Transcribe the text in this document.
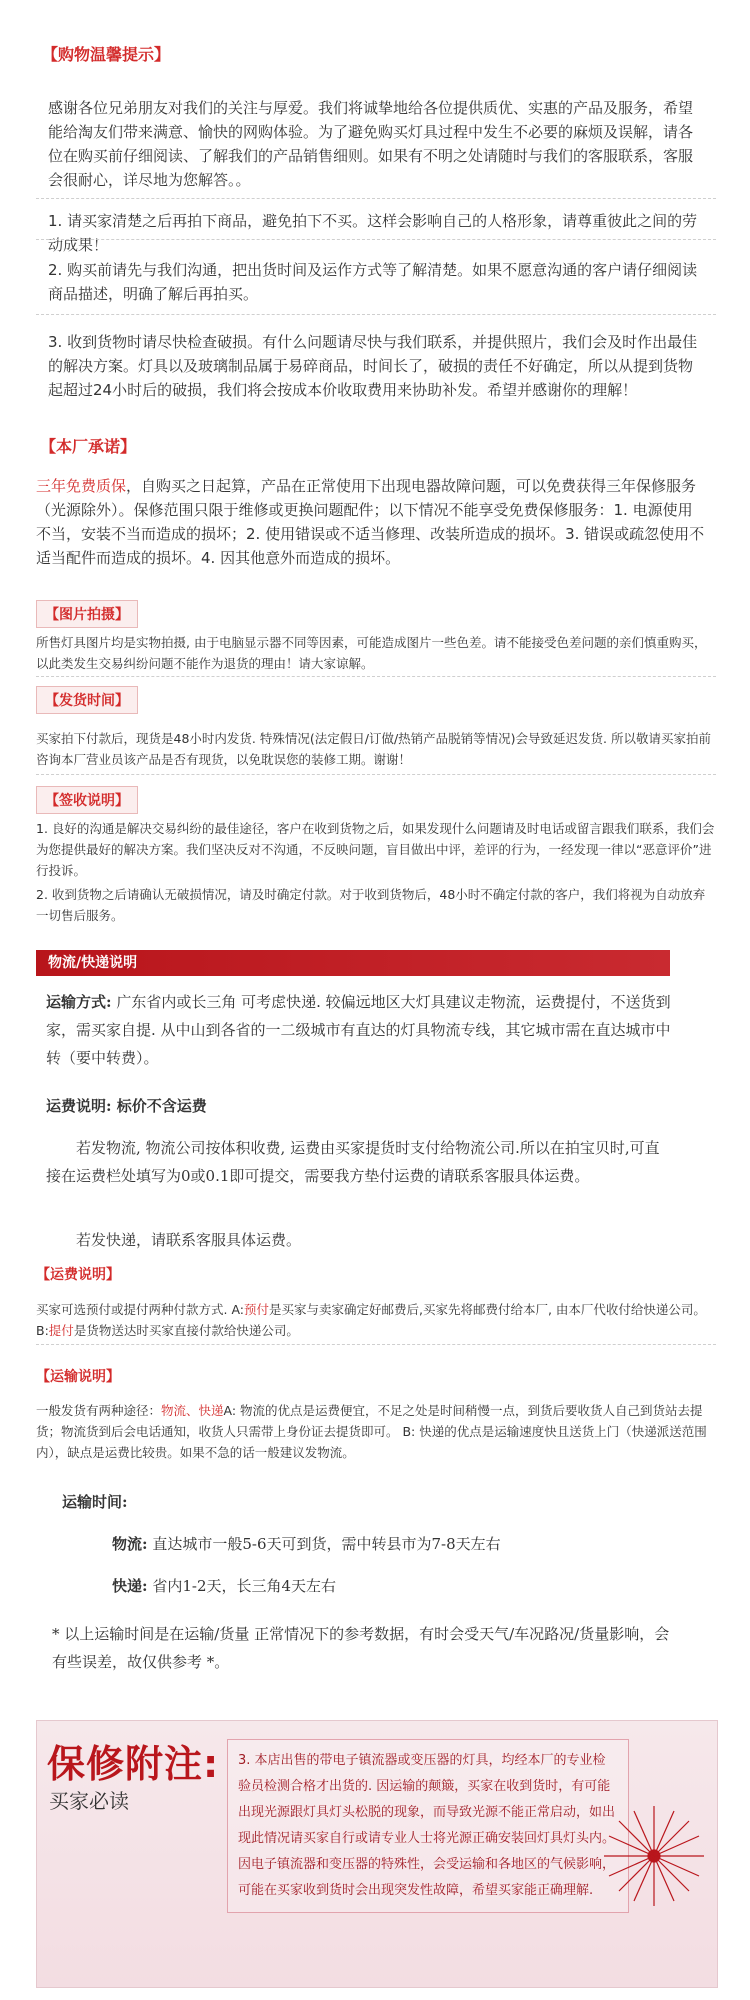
【购物温馨提示】
感谢各位兄弟朋友对我们的关注与厚爱。我们将诚挚地给各位提供质优、实惠的产品及服务，希望能给淘友们带来满意、愉快的网购体验。为了避免购买灯具过程中发生不必要的麻烦及误解，请各位在购买前仔细阅读、了解我们的产品销售细则。如果有不明之处请随时与我们的客服联系，客服会很耐心，详尽地为您解答。。
1. 请买家清楚之后再拍下商品，避免拍下不买。这样会影响自己的人格形象，请尊重彼此之间的劳动成果！
2. 购买前请先与我们沟通，把出货时间及运作方式等了解清楚。如果不愿意沟通的客户请仔细阅读商品描述，明确了解后再拍买。
3. 收到货物时请尽快检查破损。有什么问题请尽快与我们联系，并提供照片，我们会及时作出最佳的解决方案。灯具以及玻璃制品属于易碎商品，时间长了，破损的责任不好确定，所以从提到货物起超过24小时后的破损，我们将会按成本价收取费用来协助补发。希望并感谢你的理解！
【本厂承诺】
三年免费质保，自购买之日起算，产品在正常使用下出现电器故障问题，可以免费获得三年保修服务（光源除外）。保修范围只限于维修或更换问题配件；以下情况不能享受免费保修服务：1. 电源使用不当，安装不当而造成的损坏；2. 使用错误或不适当修理、改装所造成的损坏。3. 错误或疏忽使用不适当配件而造成的损坏。4. 因其他意外而造成的损坏。
【图片拍摄】
所售灯具图片均是实物拍摄, 由于电脑显示器不同等因素，可能造成图片一些色差。请不能接受色差问题的亲们慎重购买，以此类发生交易纠纷问题不能作为退货的理由！请大家谅解。
【发货时间】
买家拍下付款后，现货是48小时内发货. 特殊情况(法定假日/订做/热销产品脱销等情况)会导致延迟发货. 所以敬请买家拍前咨询本厂营业员该产品是否有现货，以免耽误您的装修工期。谢谢！
【签收说明】
1. 良好的沟通是解决交易纠纷的最佳途径，客户在收到货物之后，如果发现什么问题请及时电话或留言跟我们联系，我们会为您提供最好的解决方案。我们坚决反对不沟通，不反映问题，盲目做出中评，差评的行为，一经发现一律以“恶意评价”进行投诉。
2. 收到货物之后请确认无破损情况，请及时确定付款。对于收到货物后，48小时不确定付款的客户，我们将视为自动放弃一切售后服务。
物流/快递说明
运输方式: 广东省内或长三角 可考虑快递. 较偏远地区大灯具建议走物流，运费提付，不送货到家，需买家自提. 从中山到各省的一二级城市有直达的灯具物流专线，其它城市需在直达城市中转（要中转费）。
运费说明: 标价不含运费
若发物流, 物流公司按体积收费, 运费由买家提货时支付给物流公司.所以在拍宝贝时,可直接在运费栏处填写为0或0.1即可提交，需要我方垫付运费的请联系客服具体运费。
若发快递，请联系客服具体运费。
【运费说明】
买家可选预付或提付两种付款方式. A:预付是买家与卖家确定好邮费后,买家先将邮费付给本厂, 由本厂代收付给快递公司。B:提付是货物送达时买家直接付款给快递公司。
【运输说明】
一般发货有两种途径：物流、快递A: 物流的优点是运费便宜，不足之处是时间稍慢一点，到货后要收货人自己到货站去提货；物流货到后会电话通知，收货人只需带上身份证去提货即可。 B: 快递的优点是运输速度快且送货上门（快递派送范围内），缺点是运费比较贵。如果不急的话一般建议发物流。
运输时间:
物流: 直达城市一般5-6天可到货，需中转县市为7-8天左右
快递: 省内1-2天，长三角4天左右
* 以上运输时间是在运输/货量 正常情况下的参考数据，有时会受天气/车况路况/货量影响，会有些误差，故仅供参考 *。
保修附注:
买家必读
3. 本店出售的带电子镇流器或变压器的灯具，均经本厂的专业检验员检测合格才出货的. 因运输的颠簸，买家在收到货时，有可能出现光源跟灯具灯头松脱的现象，而导致光源不能正常启动，如出现此情况请买家自行或请专业人士将光源正确安装回灯具灯头内。因电子镇流器和变压器的特殊性，会受运输和各地区的气候影响，可能在买家收到货时会出现突发性故障，希望买家能正确理解.
